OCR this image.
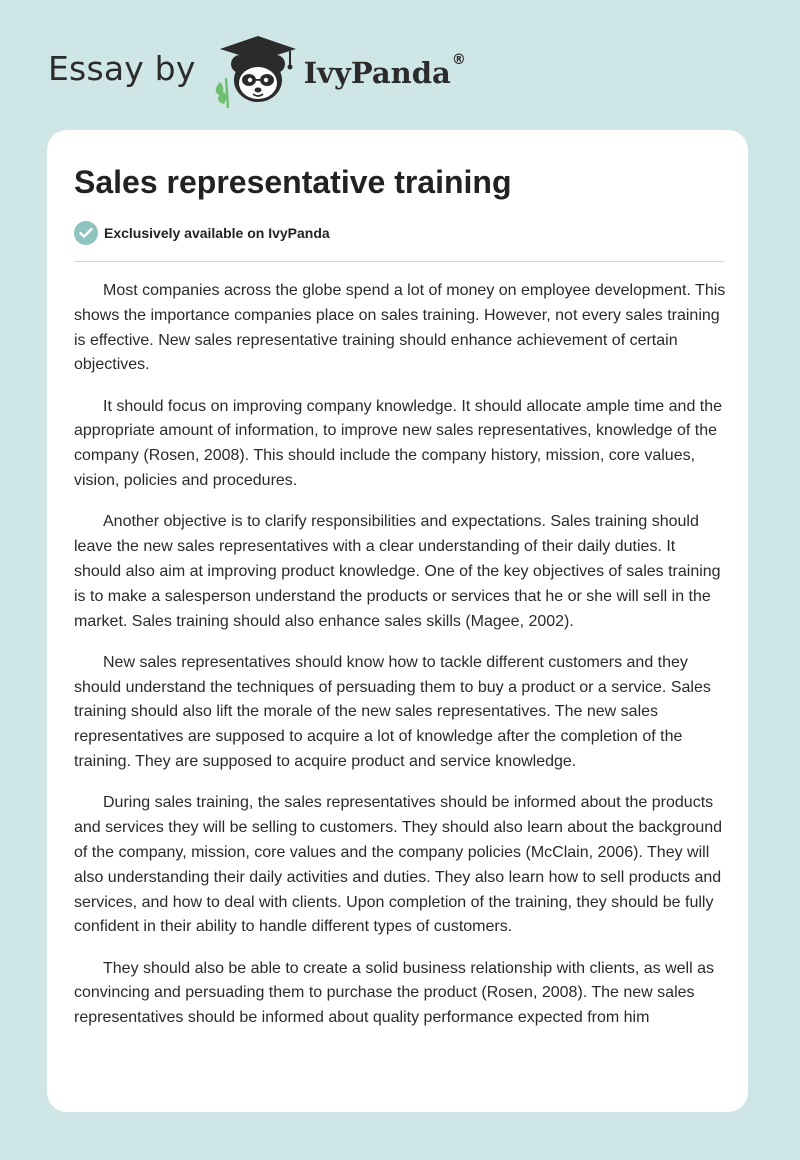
Essay by	IvyPanda®
Sales representative training
Exclusively available on IvyPanda

Most companies across the globe spend a lot of money on employee development. This shows the importance companies place on sales training. However, not every sales training is effective. New sales representative training should enhance achievement of certain objectives.

It should focus on improving company knowledge. It should allocate ample time and the appropriate amount of information, to improve new sales representatives, knowledge of the company (Rosen, 2008). This should include the company history, mission, core values, vision, policies and procedures.

Another objective is to clarify responsibilities and expectations. Sales training should leave the new sales representatives with a clear understanding of their daily duties. It should also aim at improving product knowledge. One of the key objectives of sales training is to make a salesperson understand the products or services that he or she will sell in the market. Sales training should also enhance sales skills (Magee, 2002).

New sales representatives should know how to tackle different customers and they should understand the techniques of persuading them to buy a product or a service. Sales training should also lift the morale of the new sales representatives. The new sales representatives are supposed to acquire a lot of knowledge after the completion of the training. They are supposed to acquire product and service knowledge.

During sales training, the sales representatives should be informed about the products and services they will be selling to customers. They should also learn about the background of the company, mission, core values and the company policies (McClain, 2006). They will also understanding their daily activities and duties. They also learn how to sell products and services, and how to deal with clients. Upon completion of the training, they should be fully confident in their ability to handle different types of customers.

They should also be able to create a solid business relationship with clients, as well as convincing and persuading them to purchase the product (Rosen, 2008). The new sales representatives should be informed about quality performance expected from him
